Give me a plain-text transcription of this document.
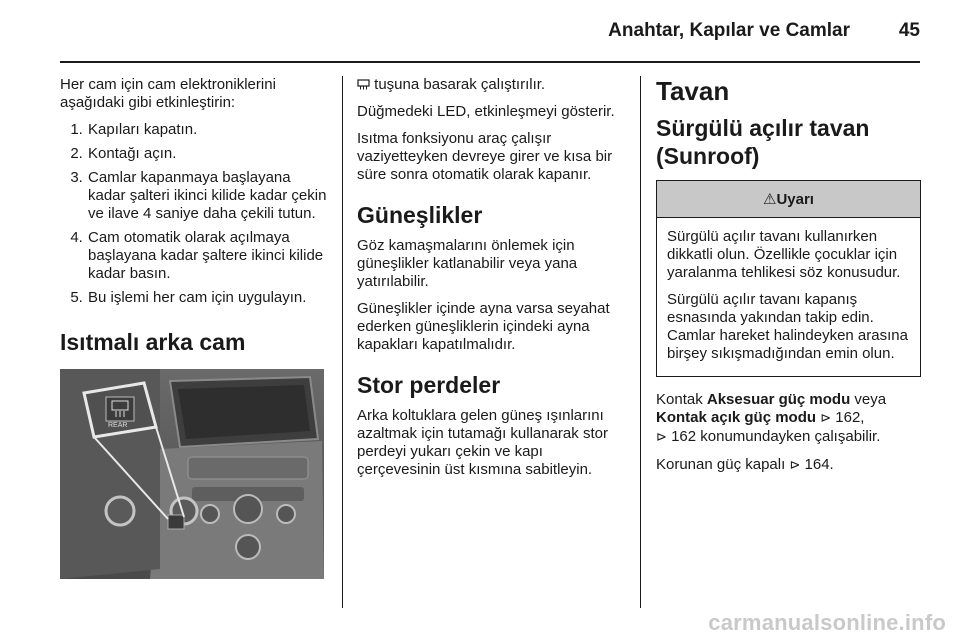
Anahtar, Kapılar ve Camlar	45

Her cam için cam elektroniklerini aşağıdaki gibi etkinleştirin:

1. Kapıları kapatın.
2. Kontağı açın.
3. Camlar kapanmaya başlayana kadar şalteri ikinci kilide kadar çekin ve ilave 4 saniye daha çekili tutun.
4. Cam otomatik olarak açılmaya başlayana kadar şaltere ikinci kilide kadar basın.
5. Bu işlemi her cam için uygulayın.
Isıtmalı arka cam
REAR

tuşuna basarak çalıştırılır.

Düğmedeki LED, etkinleşmeyi gösterir.

Isıtma fonksiyonu araç çalışır vaziyetteyken devreye girer ve kısa bir süre sonra otomatik olarak kapanır.

Güneşlikler

Göz kamaşmalarını önlemek için güneşlikler katlanabilir veya yana yatırılabilir.

Güneşlikler içinde ayna varsa seyahat ederken güneşliklerin içindeki ayna kapakları kapatılmalıdır.

Stor perdeler

Arka koltuklara gelen güneş ışınlarını azaltmak için tutamağı kullanarak stor perdeyi yukarı çekin ve kapı çerçevesinin üst kısmına sabitleyin.

Tavan
Sürgülü açılır tavan (Sunroof)
⚠Uyarı

Sürgülü açılır tavanı kullanırken dikkatli olun. Özellikle çocuklar için yaralanma tehlikesi söz konusudur.

Sürgülü açılır tavanı kapanış esnasında yakından takip edin. Camlar hareket halindeyken arasına birşey sıkışmadığından emin olun.

Kontak Aksesuar güç modu veya
Kontak açık güç modu ⊳ 162,
⊳ 162 konumundayken çalışabilir.

Korunan güç kapalı ⊳ 164.

carmanualsonline.info
